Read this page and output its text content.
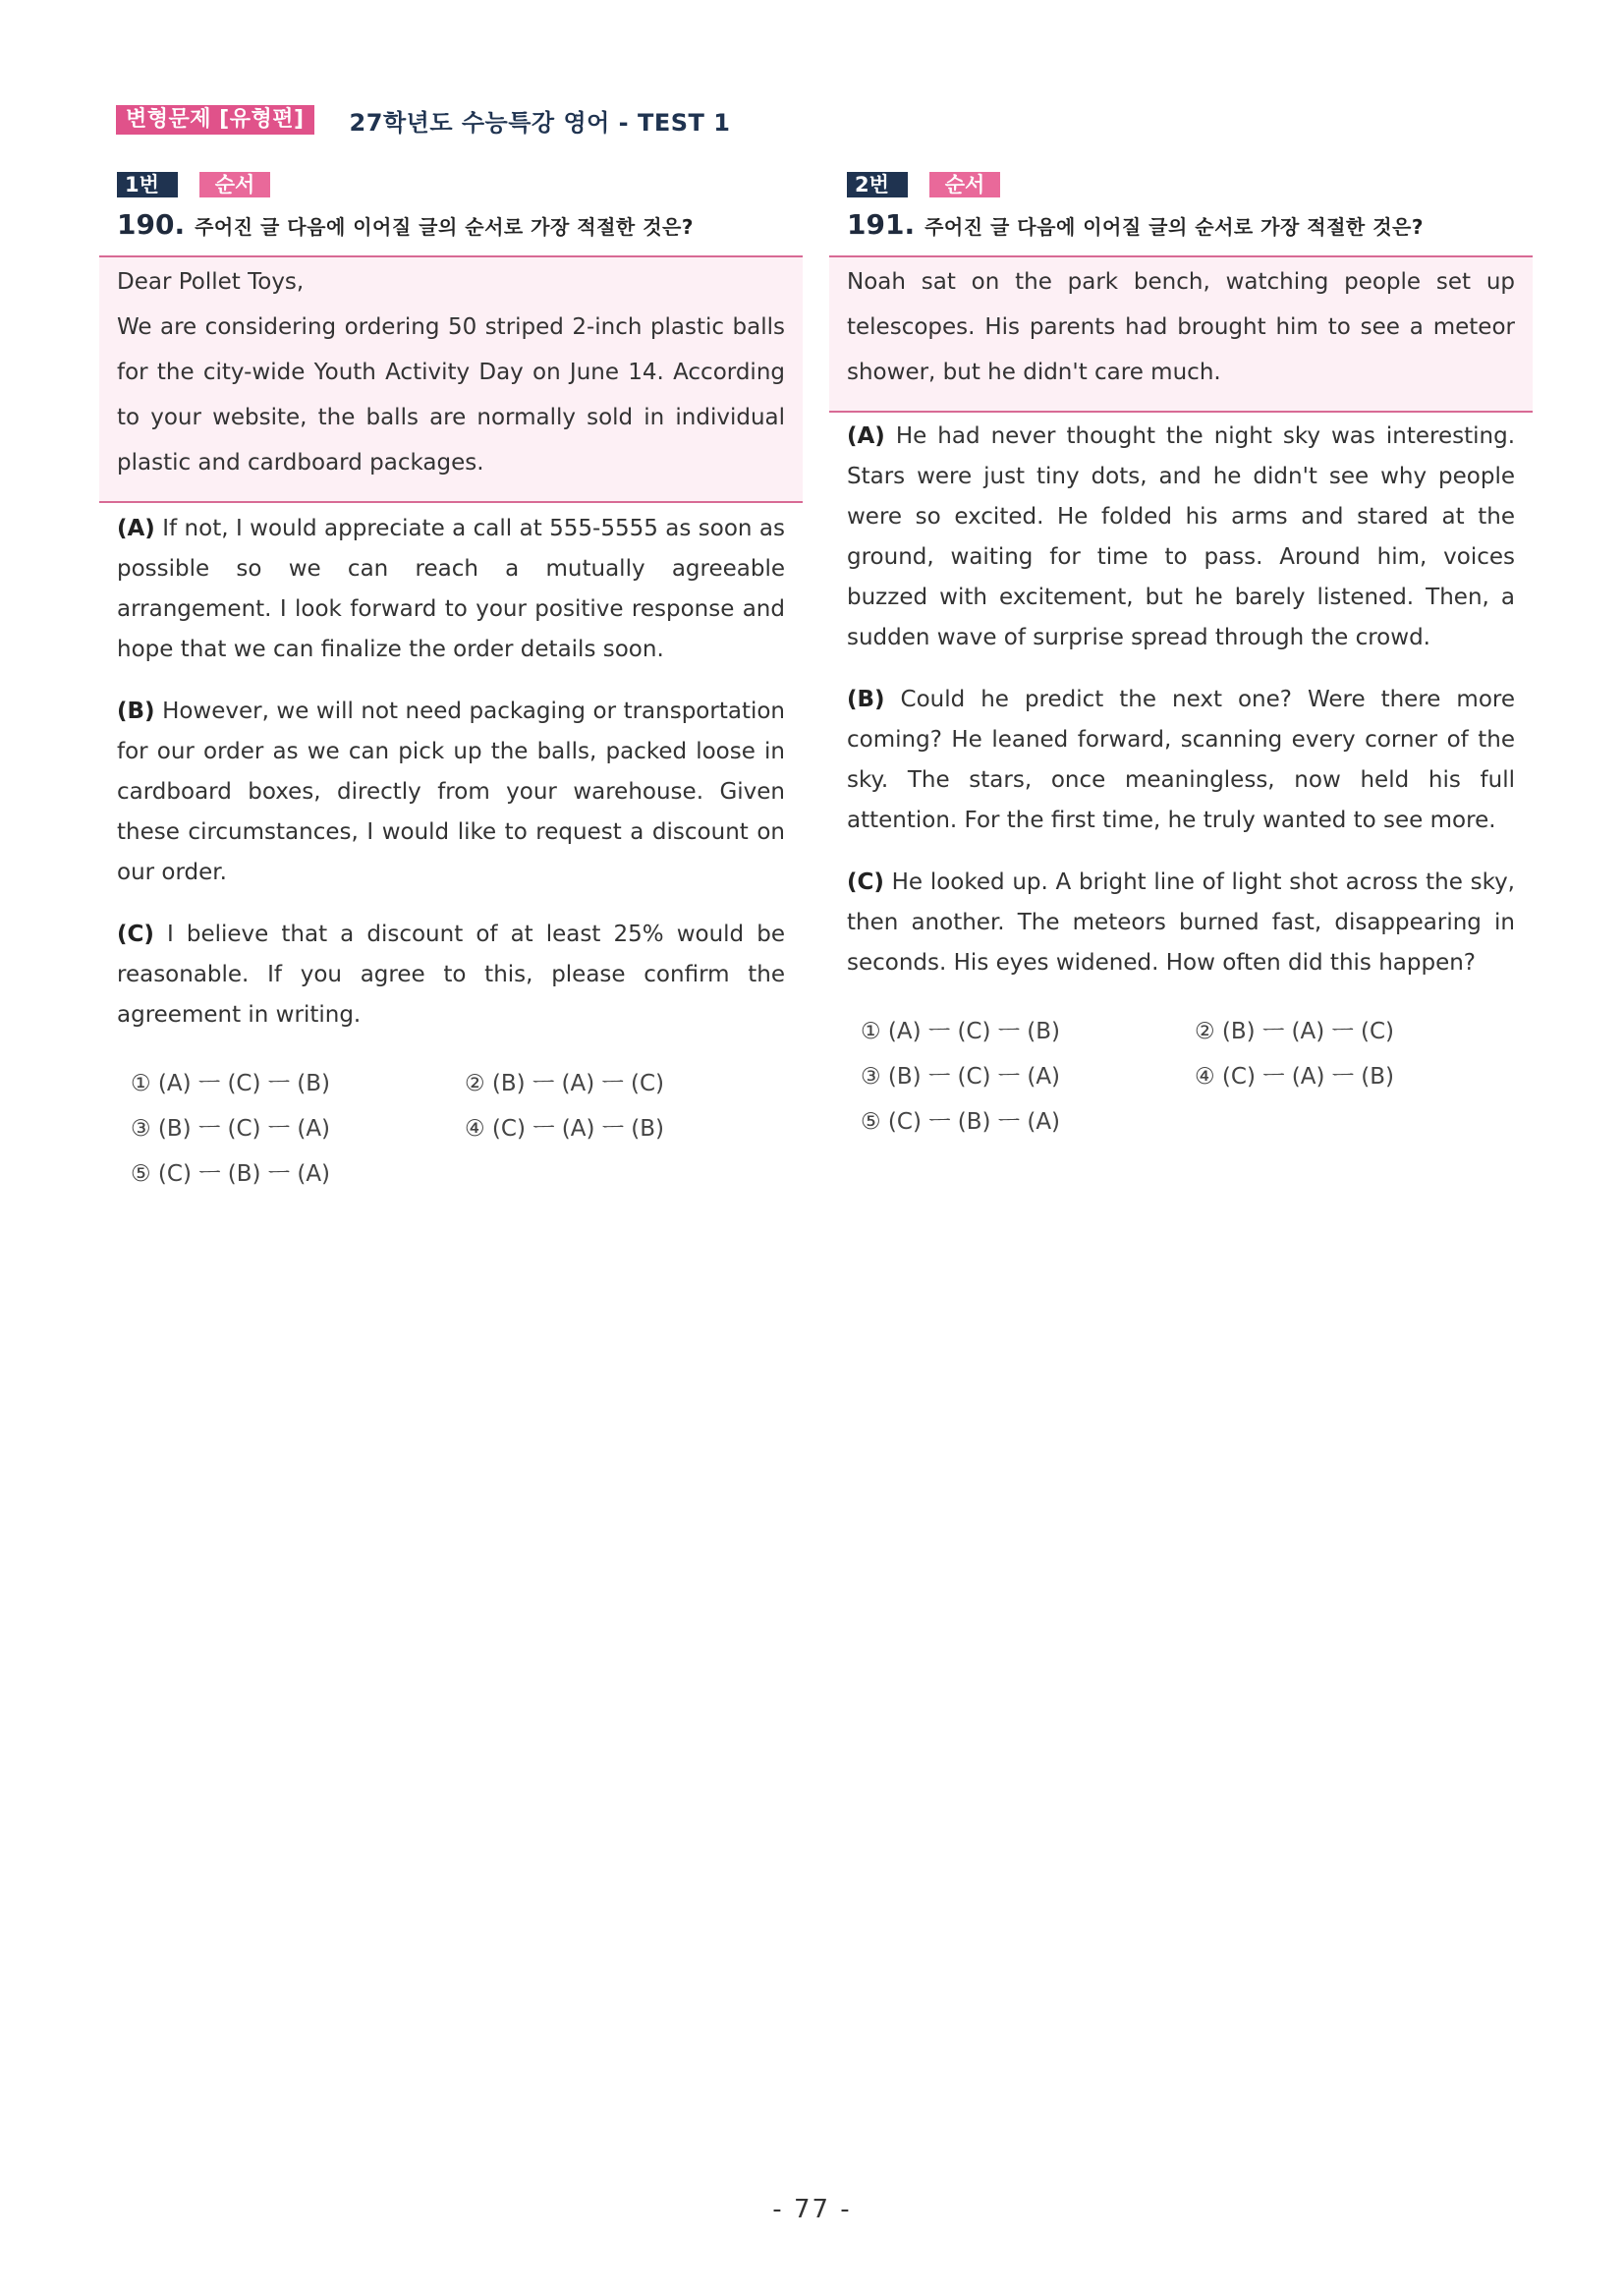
변형문제 [유형편]	27학년도 수능특강 영어 - TEST 1
1번	순서
190. 주어진 글 다음에 이어질 글의 순서로 가장 적절한 것은?

Dear Pollet Toys,

We are considering ordering 50 striped 2-inch plastic balls for the city-wide Youth Activity Day on June 14. According to your website, the balls are normally sold in individual plastic and cardboard packages.

(A) If not, I would appreciate a call at 555-5555 as soon as possible so we can reach a mutually agreeable arrangement. I look forward to your positive response and hope that we can finalize the order details soon.

(B) However, we will not need packaging or transportation for our order as we can pick up the balls, packed loose in cardboard boxes, directly from your warehouse. Given these circumstances, I would like to request a discount on our order.

(C) I believe that a discount of at least 25% would be reasonable. If you agree to this, please confirm the agreement in writing.

① (A) ㅡ (C) ㅡ (B)	② (B) ㅡ (A) ㅡ (C)
③ (B) ㅡ (C) ㅡ (A)	④ (C) ㅡ (A) ㅡ (B)
⑤ (C) ㅡ (B) ㅡ (A)
2번	순서
191. 주어진 글 다음에 이어질 글의 순서로 가장 적절한 것은?

Noah sat on the park bench, watching people set up telescopes. His parents had brought him to see a meteor shower, but he didn't care much.

(A) He had never thought the night sky was interesting. Stars were just tiny dots, and he didn't see why people were so excited. He folded his arms and stared at the ground, waiting for time to pass. Around him, voices buzzed with excitement, but he barely listened. Then, a sudden wave of surprise spread through the crowd.

(B) Could he predict the next one? Were there more coming? He leaned forward, scanning every corner of the sky. The stars, once meaningless, now held his full attention. For the first time, he truly wanted to see more.

(C) He looked up. A bright line of light shot across the sky, then another. The meteors burned fast, disappearing in seconds. His eyes widened. How often did this happen?

① (A) ㅡ (C) ㅡ (B)	② (B) ㅡ (A) ㅡ (C)
③ (B) ㅡ (C) ㅡ (A)	④ (C) ㅡ (A) ㅡ (B)
⑤ (C) ㅡ (B) ㅡ (A)
- 77 -
